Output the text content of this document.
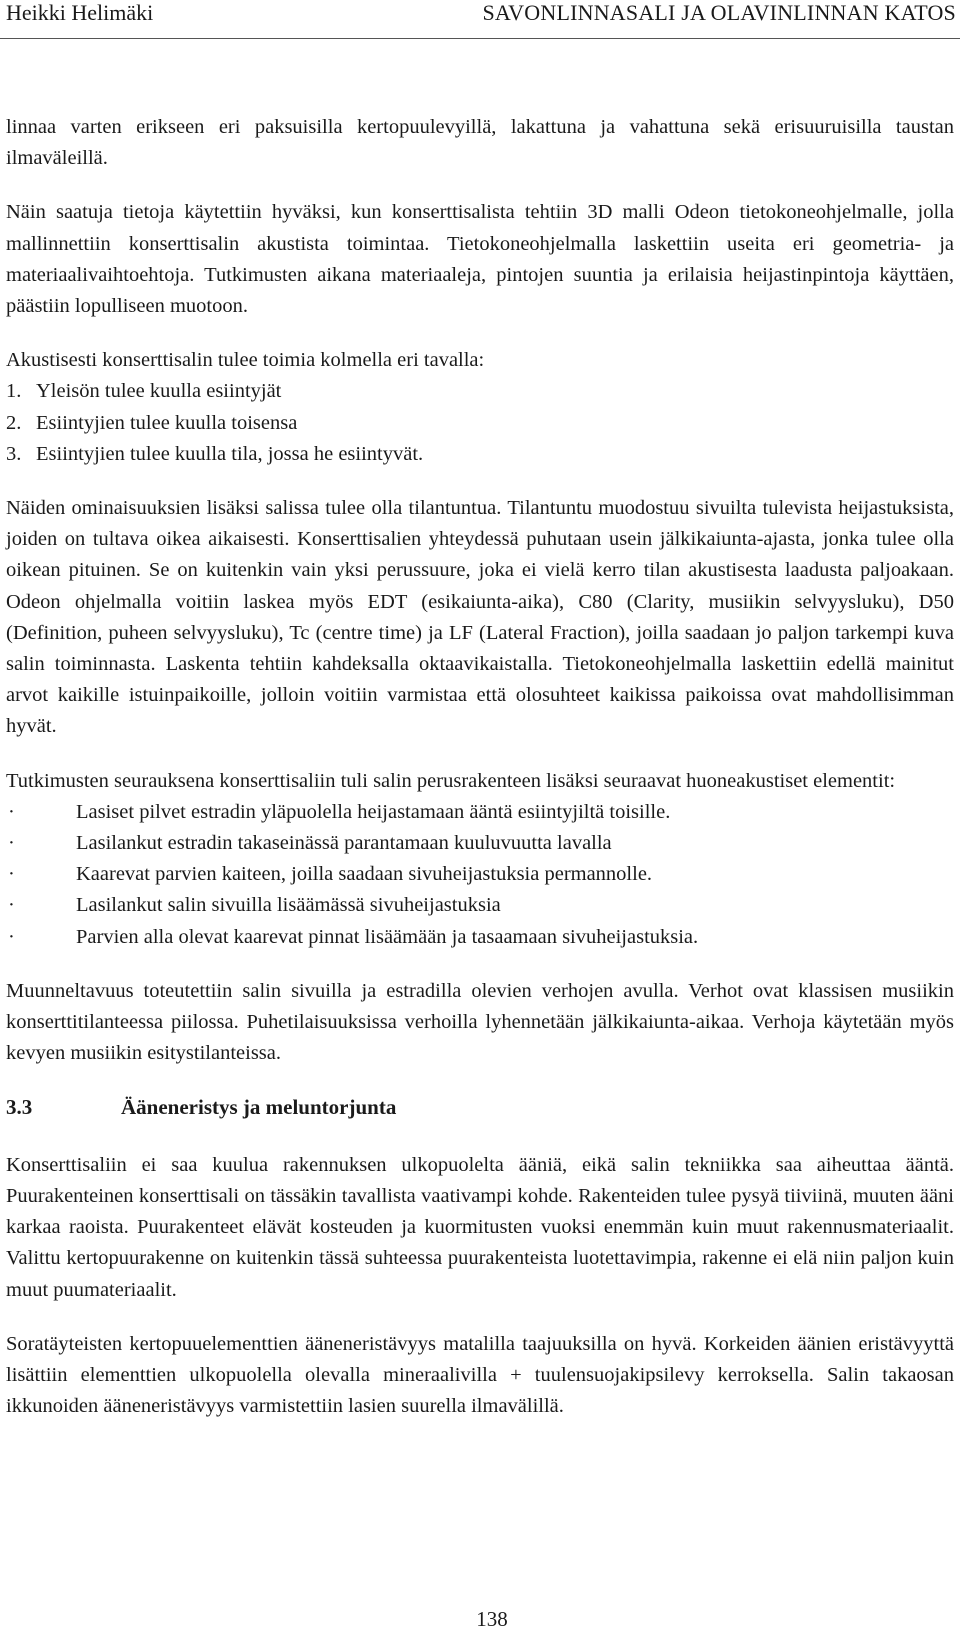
Heikki Helimäki	SAVONLINNASALI JA OLAVINLINNAN KATOS

linnaa varten erikseen eri paksuisilla kertopuulevyillä, lakattuna ja vahattuna sekä erisuuruisilla taustan ilmaväleillä.

Näin saatuja tietoja käytettiin hyväksi, kun konserttisalista tehtiin 3D malli Odeon tietokoneohjelmalle, jolla mallinnettiin konserttisalin akustista toimintaa. Tietokoneohjelmalla laskettiin useita eri geometria- ja materiaalivaihtoehtoja. Tutkimusten aikana materiaaleja, pintojen suuntia ja erilaisia heijastinpintoja käyttäen, päästiin lopulliseen muotoon.

Akustisesti konserttisalin tulee toimia kolmella eri tavalla:

1. Yleisön tulee kuulla esiintyjät
2. Esiintyjien tulee kuulla toisensa
3. Esiintyjien tulee kuulla tila, jossa he esiintyvät.

Näiden ominaisuuksien lisäksi salissa tulee olla tilantuntua. Tilantuntu muodostuu sivuilta tulevista heijastuksista, joiden on tultava oikea aikaisesti. Konserttisalien yhteydessä puhutaan usein jälkikaiunta-ajasta, jonka tulee olla oikean pituinen. Se on kuitenkin vain yksi perussuure, joka ei vielä kerro tilan akustisesta laadusta paljoakaan. Odeon ohjelmalla voitiin laskea myös EDT (esikaiunta-aika), C80 (Clarity, musiikin selvyysluku), D50 (Definition, puheen selvyysluku), Tc (centre time) ja LF (Lateral Fraction), joilla saadaan jo paljon tarkempi kuva salin toiminnasta. Laskenta tehtiin kahdeksalla oktaavikaistalla. Tietokoneohjelmalla laskettiin edellä mainitut arvot kaikille istuinpaikoille, jolloin voitiin varmistaa että olosuhteet kaikissa paikoissa ovat mahdollisimman hyvät.

Tutkimusten seurauksena konserttisaliin tuli salin perusrakenteen lisäksi seuraavat huoneakustiset elementit:

·	Lasiset pilvet estradin yläpuolella heijastamaan ääntä esiintyjiltä toisille.
·	Lasilankut estradin takaseinässä parantamaan kuuluvuutta lavalla
·	Kaarevat parvien kaiteen, joilla saadaan sivuheijastuksia permannolle.
·	Lasilankut salin sivuilla lisäämässä sivuheijastuksia
·	Parvien alla olevat kaarevat pinnat lisäämään ja tasaamaan sivuheijastuksia.

Muunneltavuus toteutettiin salin sivuilla ja estradilla olevien verhojen avulla. Verhot ovat klassisen musiikin konserttitilanteessa piilossa. Puhetilaisuuksissa verhoilla lyhennetään jälkikaiunta-aikaa. Verhoja käytetään myös kevyen musiikin esitystilanteissa.

3.3	Ääneneristys ja meluntorjunta

Konserttisaliin ei saa kuulua rakennuksen ulkopuolelta ääniä, eikä salin tekniikka saa aiheuttaa ääntä. Puurakenteinen konserttisali on tässäkin tavallista vaativampi kohde. Rakenteiden tulee pysyä tiiviinä, muuten ääni karkaa raoista. Puurakenteet elävät kosteuden ja kuormitusten vuoksi enemmän kuin muut rakennusmateriaalit. Valittu kertopuurakenne on kuitenkin tässä suhteessa puurakenteista luotettavimpia, rakenne ei elä niin paljon kuin muut puumateriaalit.

Soratäyteisten kertopuuelementtien ääneneristävyys matalilla taajuuksilla on hyvä. Korkeiden äänien eristävyyttä lisättiin elementtien ulkopuolella olevalla mineraalivilla + tuulensuojakipsilevy kerroksella. Salin takaosan ikkunoiden ääneneristävyys varmistettiin lasien suurella ilmavälillä.

138
